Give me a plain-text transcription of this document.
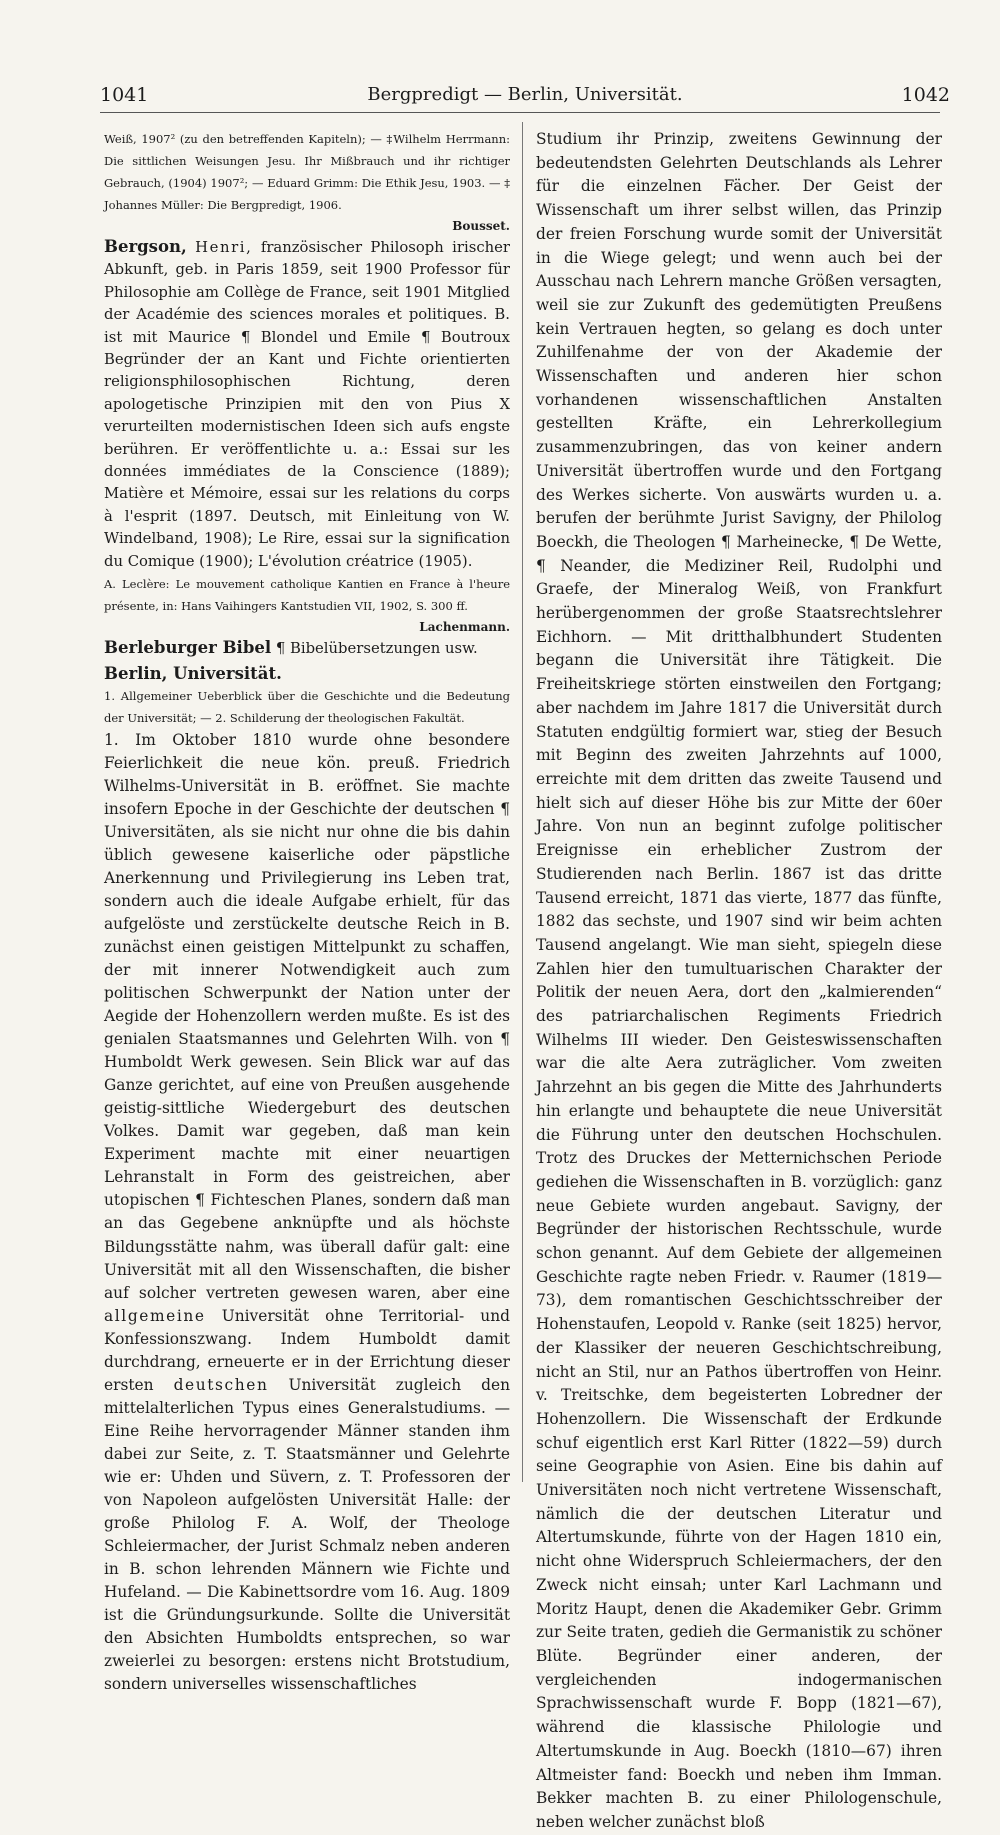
1041	Bergpredigt — Berlin, Universität.	1042

Weiß, 1907² (zu den betreffenden Kapiteln); — ‡Wilhelm Herrmann: Die sittlichen Weisungen Jesu. Ihr Mißbrauch und ihr richtiger Gebrauch, (1904) 1907²; — Eduard Grimm: Die Ethik Jesu, 1903. — ‡ Johannes Müller: Die Bergpredigt, 1906.

Bousset.

Bergson, Henri, französischer Philosoph irischer Abkunft, geb. in Paris 1859, seit 1900 Professor für Philosophie am Collège de France, seit 1901 Mitglied der Académie des sciences morales et politiques. B. ist mit Maurice ¶ Blondel und Emile ¶ Boutroux Begründer der an Kant und Fichte orientierten religionsphilosophischen Richtung, deren apologetische Prinzipien mit den von Pius X verurteilten modernistischen Ideen sich aufs engste berühren. Er veröffentlichte u. a.: Essai sur les données immédiates de la Conscience (1889); Matière et Mémoire, essai sur les relations du corps à l'esprit (1897. Deutsch, mit Einleitung von W. Windelband, 1908); Le Rire, essai sur la signification du Comique (1900); L'évolution créatrice (1905).

A. Leclère: Le mouvement catholique Kantien en France à l'heure présente, in: Hans Vaihingers Kantstudien VII, 1902, S. 300 ff.

Lachenmann.

Berleburger Bibel ¶ Bibelübersetzungen usw.

Berlin, Universität.

1. Allgemeiner Ueberblick über die Geschichte und die Bedeutung der Universität; — 2. Schilderung der theologischen Fakultät.

1. Im Oktober 1810 wurde ohne besondere Feierlichkeit die neue kön. preuß. Friedrich Wilhelms-Universität in B. eröffnet. Sie machte insofern Epoche in der Geschichte der deutschen ¶ Universitäten, als sie nicht nur ohne die bis dahin üblich gewesene kaiserliche oder päpstliche Anerkennung und Privilegierung ins Leben trat, sondern auch die ideale Aufgabe erhielt, für das aufgelöste und zerstückelte deutsche Reich in B. zunächst einen geistigen Mittelpunkt zu schaffen, der mit innerer Notwendigkeit auch zum politischen Schwerpunkt der Nation unter der Aegide der Hohenzollern werden mußte. Es ist des genialen Staatsmannes und Gelehrten Wilh. von ¶ Humboldt Werk gewesen. Sein Blick war auf das Ganze gerichtet, auf eine von Preußen ausgehende geistig-sittliche Wiedergeburt des deutschen Volkes. Damit war gegeben, daß man kein Experiment machte mit einer neuartigen Lehranstalt in Form des geistreichen, aber utopischen ¶ Fichteschen Planes, sondern daß man an das Gegebene anknüpfte und als höchste Bildungsstätte nahm, was überall dafür galt: eine Universität mit all den Wissenschaften, die bisher auf solcher vertreten gewesen waren, aber eine allgemeine Universität ohne Territorial- und Konfessionszwang. Indem Humboldt damit durchdrang, erneuerte er in der Errichtung dieser ersten deutschen Universität zugleich den mittelalterlichen Typus eines Generalstudiums. — Eine Reihe hervorragender Männer standen ihm dabei zur Seite, z. T. Staatsmänner und Gelehrte wie er: Uhden und Süvern, z. T. Professoren der von Napoleon aufgelösten Universität Halle: der große Philolog F. A. Wolf, der Theologe Schleiermacher, der Jurist Schmalz neben anderen in B. schon lehrenden Männern wie Fichte und Hufeland. — Die Kabinettsordre vom 16. Aug. 1809 ist die Gründungsurkunde. Sollte die Universität den Absichten Humboldts entsprechen, so war zweierlei zu besorgen: erstens nicht Brotstudium, sondern universelles wissenschaftliches

Studium ihr Prinzip, zweitens Gewinnung der bedeutendsten Gelehrten Deutschlands als Lehrer für die einzelnen Fächer. Der Geist der Wissenschaft um ihrer selbst willen, das Prinzip der freien Forschung wurde somit der Universität in die Wiege gelegt; und wenn auch bei der Ausschau nach Lehrern manche Größen versagten, weil sie zur Zukunft des gedemütigten Preußens kein Vertrauen hegten, so gelang es doch unter Zuhilfenahme der von der Akademie der Wissenschaften und anderen hier schon vorhandenen wissenschaftlichen Anstalten gestellten Kräfte, ein Lehrerkollegium zusammenzubringen, das von keiner andern Universität übertroffen wurde und den Fortgang des Werkes sicherte. Von auswärts wurden u. a. berufen der berühmte Jurist Savigny, der Philolog Boeckh, die Theologen ¶ Marheinecke, ¶ De Wette, ¶ Neander, die Mediziner Reil, Rudolphi und Graefe, der Mineralog Weiß, von Frankfurt herübergenommen der große Staatsrechtslehrer Eichhorn. — Mit dritthalbhundert Studenten begann die Universität ihre Tätigkeit. Die Freiheitskriege störten einstweilen den Fortgang; aber nachdem im Jahre 1817 die Universität durch Statuten endgültig formiert war, stieg der Besuch mit Beginn des zweiten Jahrzehnts auf 1000, erreichte mit dem dritten das zweite Tausend und hielt sich auf dieser Höhe bis zur Mitte der 60er Jahre. Von nun an beginnt zufolge politischer Ereignisse ein erheblicher Zustrom der Studierenden nach Berlin. 1867 ist das dritte Tausend erreicht, 1871 das vierte, 1877 das fünfte, 1882 das sechste, und 1907 sind wir beim achten Tausend angelangt. Wie man sieht, spiegeln diese Zahlen hier den tumultuarischen Charakter der Politik der neuen Aera, dort den „kalmierenden“ des patriarchalischen Regiments Friedrich Wilhelms III wieder. Den Geisteswissenschaften war die alte Aera zuträglicher. Vom zweiten Jahrzehnt an bis gegen die Mitte des Jahrhunderts hin erlangte und behauptete die neue Universität die Führung unter den deutschen Hochschulen. Trotz des Druckes der Metternichschen Periode gediehen die Wissenschaften in B. vorzüglich: ganz neue Gebiete wurden angebaut. Savigny, der Begründer der historischen Rechtsschule, wurde schon genannt. Auf dem Gebiete der allgemeinen Geschichte ragte neben Friedr. v. Raumer (1819—73), dem romantischen Geschichtsschreiber der Hohenstaufen, Leopold v. Ranke (seit 1825) hervor, der Klassiker der neueren Geschichtschreibung, nicht an Stil, nur an Pathos übertroffen von Heinr. v. Treitschke, dem begeisterten Lobredner der Hohenzollern. Die Wissenschaft der Erdkunde schuf eigentlich erst Karl Ritter (1822—59) durch seine Geographie von Asien. Eine bis dahin auf Universitäten noch nicht vertretene Wissenschaft, nämlich die der deutschen Literatur und Altertumskunde, führte von der Hagen 1810 ein, nicht ohne Widerspruch Schleiermachers, der den Zweck nicht einsah; unter Karl Lachmann und Moritz Haupt, denen die Akademiker Gebr. Grimm zur Seite traten, gedieh die Germanistik zu schöner Blüte. Begründer einer anderen, der vergleichenden indogermanischen Sprachwissenschaft wurde F. Bopp (1821—67), während die klassische Philologie und Altertumskunde in Aug. Boeckh (1810—67) ihren Altmeister fand: Boeckh und neben ihm Imman. Bekker machten B. zu einer Philologenschule, neben welcher zunächst bloß
